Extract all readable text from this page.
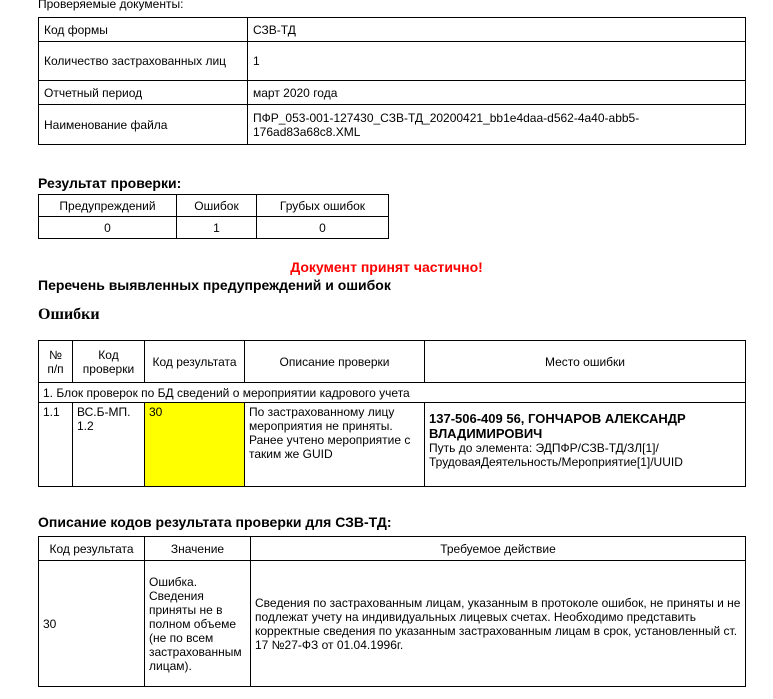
Проверяемые документы:
Код формы	СЗВ-ТД
Количество застрахованных лиц	1
Отчетный период	март 2020 года
Наименование файла	ПФР_053-001-127430_СЗВ-ТД_20200421_bb1e4daa-d562-4a40-abb5-176ad83a68c8.XML
Результат проверки:
Предупреждений	Ошибок	Грубых ошибок
0	1	0
Документ принят частично!
Перечень выявленных предупреждений и ошибок
Ошибки
№ п/п	Код проверки	Код результата	Описание проверки	Место ошибки
1. Блок проверок по БД сведений о мероприятии кадрового учета				
1.1	ВС.Б-МП. 1.2	30	По застрахованному лицу мероприятия не приняты. Ранее учтено мероприятие с таким же GUID	137-506-409 56, ГОНЧАРОВ АЛЕКСАНДР ВЛАДИМИРОВИЧ
Путь до элемента: ЭДПФР/СЗВ-ТД/ЗЛ[1]/ ТрудоваяДеятельность/Мероприятие[1]/UUID
Описание кодов результата проверки для СЗВ-ТД:
Код результата	Значение	Требуемое действие
30	Ошибка. Сведения приняты не в полном объеме (не по всем застрахованным лицам).	Сведения по застрахованным лицам, указанным в протоколе ошибок, не приняты и не подлежат учету на индивидуальных лицевых счетах. Необходимо представить корректные сведения по указанным застрахованным лицам в срок, установленный ст. 17 №27-ФЗ от 01.04.1996г.
